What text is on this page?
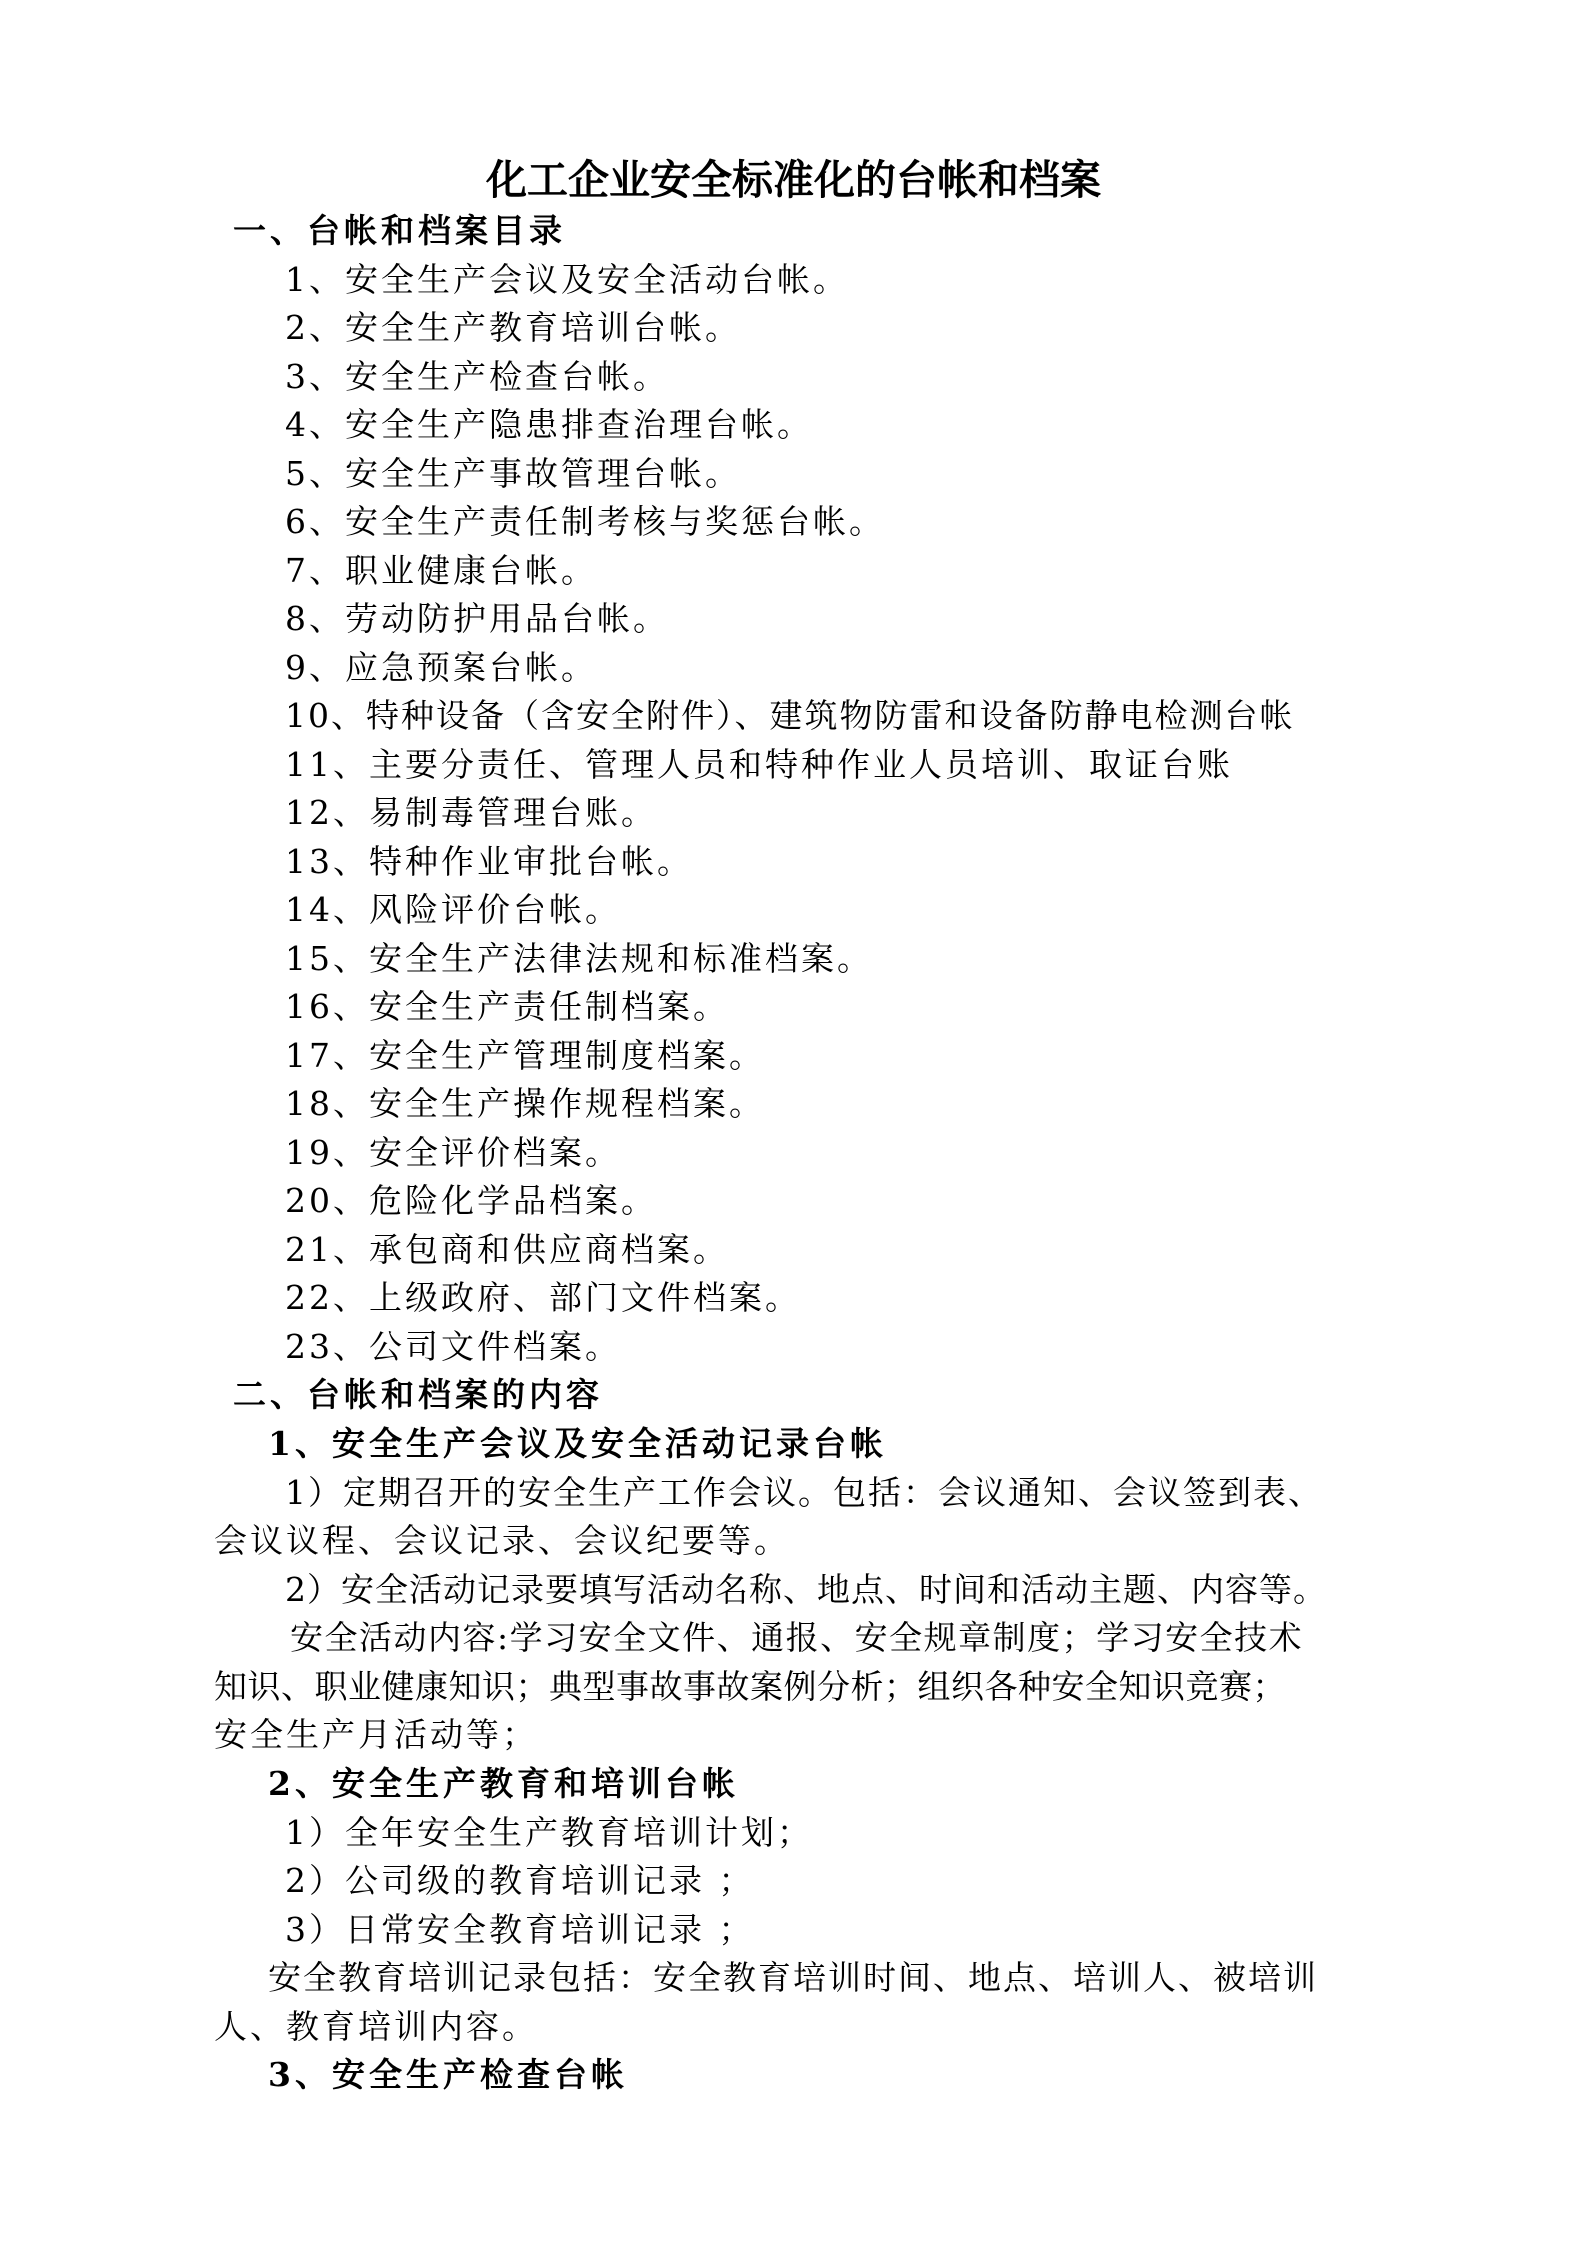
化工企业安全标准化的台帐和档案
一、台帐和档案目录
1、安全生产会议及安全活动台帐。
2、安全生产教育培训台帐。
3、安全生产检查台帐。
4、安全生产隐患排查治理台帐。
5、安全生产事故管理台帐。
6、安全生产责任制考核与奖惩台帐。
7、职业健康台帐。
8、劳动防护用品台帐。
9、应急预案台帐。
10、特种设备（含安全附件）、建筑物防雷和设备防静电检测台帐
11、主要分责任、管理人员和特种作业人员培训、取证台账
12、易制毒管理台账。
13、特种作业审批台帐。
14、风险评价台帐。
15、安全生产法律法规和标准档案。
16、安全生产责任制档案。
17、安全生产管理制度档案。
18、安全生产操作规程档案。
19、安全评价档案。
20、危险化学品档案。
21、承包商和供应商档案。
22、上级政府、部门文件档案。
23、公司文件档案。
二、台帐和档案的内容
1、安全生产会议及安全活动记录台帐
1）定期召开的安全生产工作会议。包括：会议通知、会议签到表、
会议议程、会议记录、会议纪要等。
2）安全活动记录要填写活动名称、地点、时间和活动主题、内容等。
安全活动内容:学习安全文件、通报、安全规章制度；学习安全技术
知识、职业健康知识；典型事故事故案例分析；组织各种安全知识竞赛；
安全生产月活动等；
2、安全生产教育和培训台帐
1）全年安全生产教育培训计划；
2）公司级的教育培训记录 ；
3）日常安全教育培训记录 ；
安全教育培训记录包括：安全教育培训时间、地点、培训人、被培训
人、教育培训内容。
3、安全生产检查台帐
